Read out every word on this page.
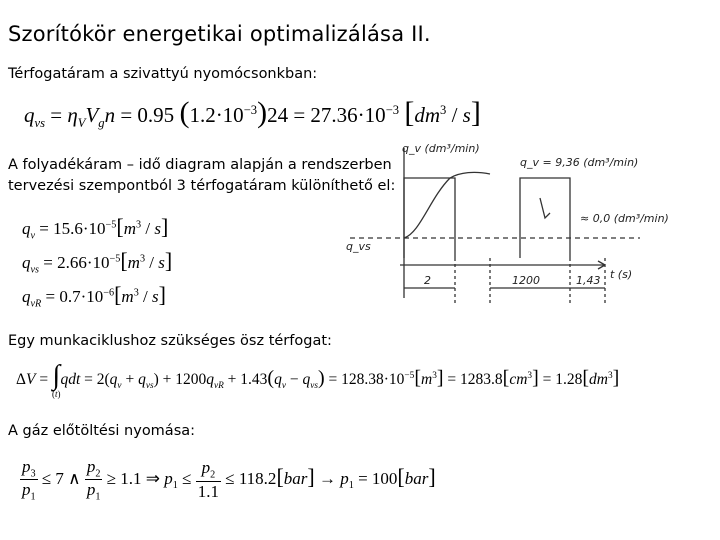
Szorítókör energetikai optimalizálása II.
Térfogatáram a szivattyú nyomócsonkban:
$q_{vs} = \eta_VV_gn = 0.95$ $(1.2\cdot 10^{-3})24 = 27.36\cdot 10^{-3}$ $[dm^3 / s]$
A folyadékáram – idő diagram alapján a rendszerben
tervezési szempontból 3 térfogatáram különíthető el:
$q_v = 15.6\cdot 10^{-5}[m^3 / s]$
$q_{vs} = 2.66\cdot 10^{-5}[m^3 / s]$
$q_{vR} = 0.7\cdot 10^{-6}[m^3 / s]$
q_v (dm³/min)
q_v = 9,36 (dm³/min)
≈ 0,0 (dm³/min)
q_vs
t (s)
2	1200	1,43
Egy munkaciklushoz szükséges ösz térfogat:
ΔV = ∫
(t)
qdt = $2(q_v + q_{vs}) + 1200q_{vR} + 1.43(q_v - q_{vs}) = 128.38\cdot 10^{-5}[m^3] = 1283.8[cm^3] = 1.28[dm^3]$
A gáz előtöltési nyomása:
$\frac{p_3}{p_1} \le 7$ ∧ $\frac{p_2}{p_1} \ge 1.1$ ⇒ $p_1 \le \frac{p_2}{1.1} \le 118.2[bar] \to p_1 = 100[bar]$
